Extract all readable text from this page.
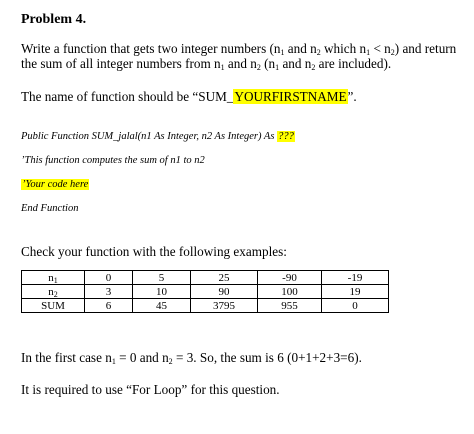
Problem 4.
Write a function that gets two integer numbers ($n_1$ and $n_2$ which $n_1 < n_2$) and return
the sum of all integer numbers from $n_1$ and $n_2$ ($n_1$ and $n_2$ are included).
The name of function should be “SUM_YOURFIRSTNAME”.
Public Function SUM_jalal(n1 As Integer, n2 As Integer) As ???
’This function computes the sum of n1 to n2
’Your code here
End Function
Check your function with the following examples:
$n_1$	0	5	25	-90	-19
$n_2$	3	10	90	100	19
SUM	6	45	3795	955	0
In the first case $n_1 = 0$ and $n_2 = 3$. So, the sum is 6 (0+1+2+3=6).
It is required to use “For Loop” for this question.
